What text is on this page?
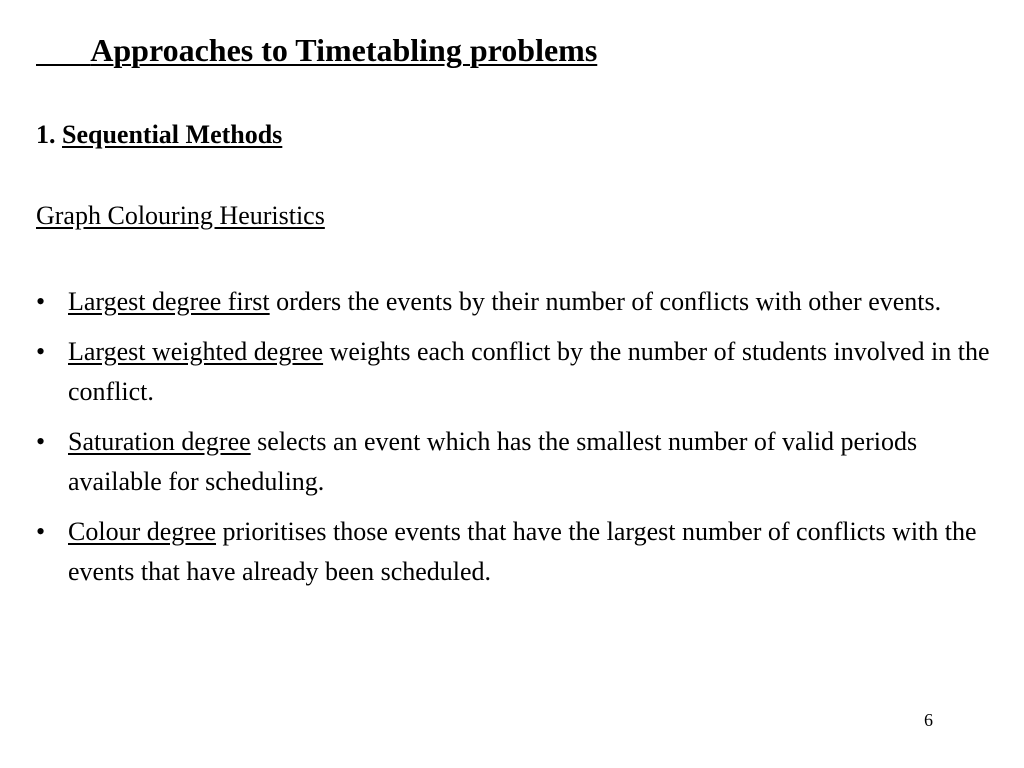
Approaches to Timetabling problems
1. Sequential Methods
Graph Colouring Heuristics
• Largest degree first orders the events by their number of conflicts with other events.
• Largest weighted degree weights each conflict by the number of students involved in the conflict.
• Saturation degree selects an event which has the smallest number of valid periods available for scheduling.
• Colour degree prioritises those events that have the largest number of conflicts with the events that have already been scheduled.
6
